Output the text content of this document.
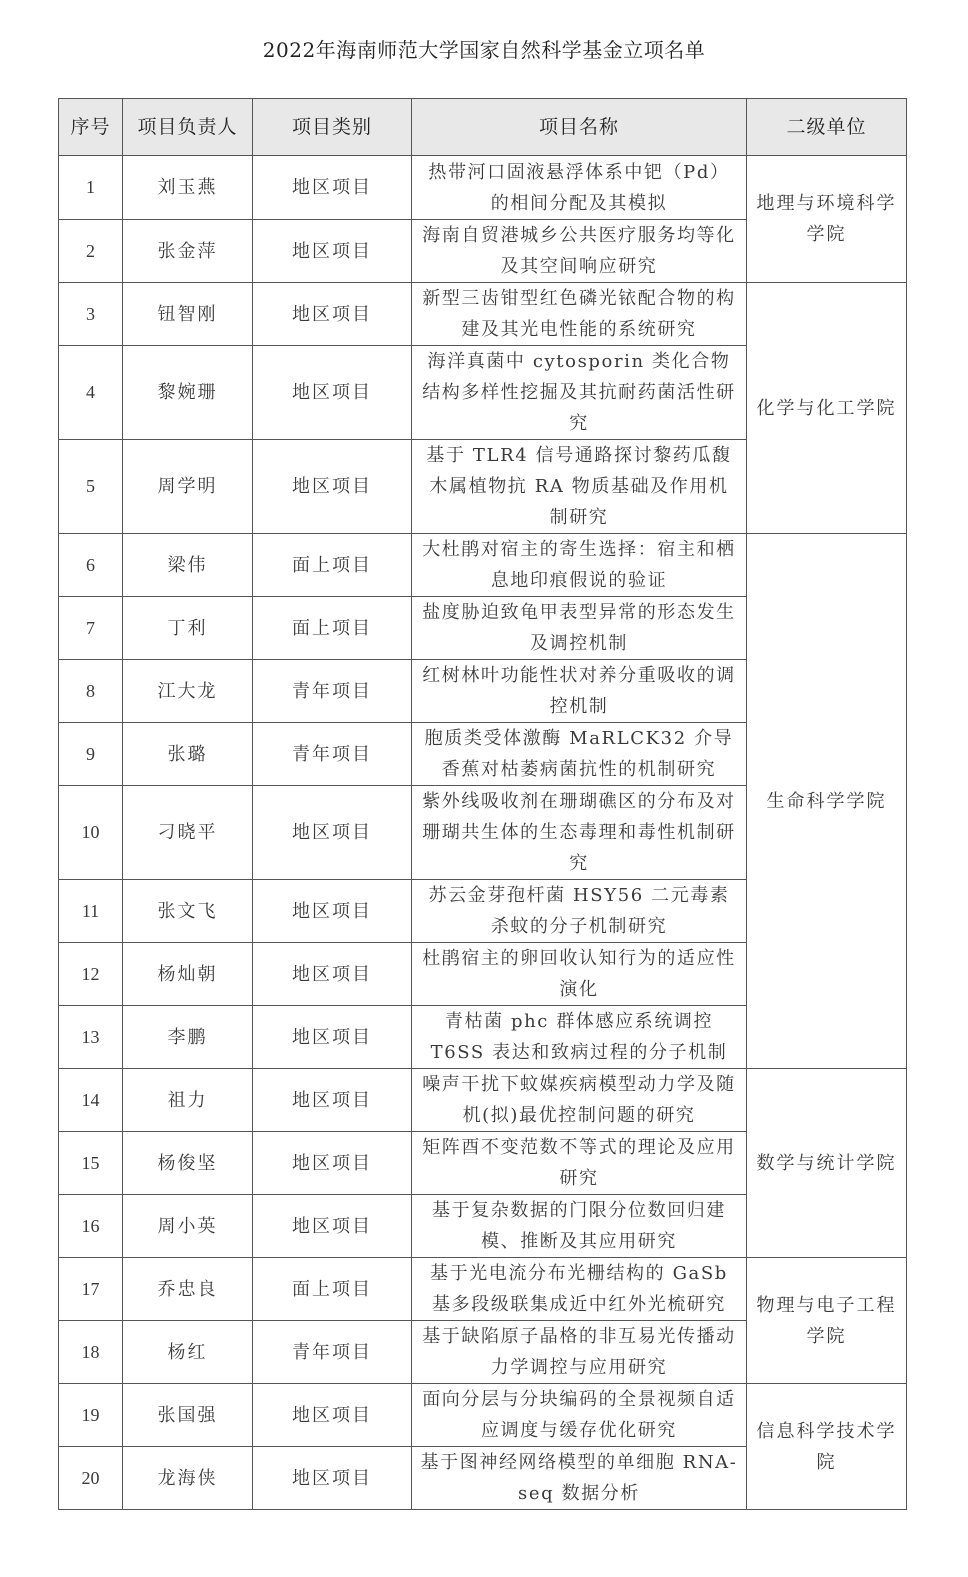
2022年海南师范大学国家自然科学基金立项名单
序号	项目负责人	项目类别	项目名称	二级单位
1	刘玉燕	地区项目	热带河口固液悬浮体系中钯（Pd）的相间分配及其模拟	地理与环境科学学院
2	张金萍	地区项目	海南自贸港城乡公共医疗服务均等化及其空间响应研究	
3	钮智刚	地区项目	新型三齿钳型红色磷光铱配合物的构建及其光电性能的系统研究	化学与化工学院
4	黎婉珊	地区项目	海洋真菌中 cytosporin 类化合物结构多样性挖掘及其抗耐药菌活性研究	
5	周学明	地区项目	基于 TLR4 信号通路探讨黎药瓜馥木属植物抗 RA 物质基础及作用机制研究	
6	梁伟	面上项目	大杜鹃对宿主的寄生选择：宿主和栖息地印痕假说的验证	生命科学学院
7	丁利	面上项目	盐度胁迫致龟甲表型异常的形态发生及调控机制	
8	江大龙	青年项目	红树林叶功能性状对养分重吸收的调控机制	
9	张璐	青年项目	胞质类受体激酶 MaRLCK32 介导香蕉对枯萎病菌抗性的机制研究	
10	刁晓平	地区项目	紫外线吸收剂在珊瑚礁区的分布及对珊瑚共生体的生态毒理和毒性机制研究	
11	张文飞	地区项目	苏云金芽孢杆菌 HSY56 二元毒素杀蚊的分子机制研究	
12	杨灿朝	地区项目	杜鹃宿主的卵回收认知行为的适应性演化	
13	李鹏	地区项目	青枯菌 phc 群体感应系统调控 T6SS 表达和致病过程的分子机制	
14	祖力	地区项目	噪声干扰下蚊媒疾病模型动力学及随机(拟)最优控制问题的研究	数学与统计学院
15	杨俊坚	地区项目	矩阵酉不变范数不等式的理论及应用研究	
16	周小英	地区项目	基于复杂数据的门限分位数回归建模、推断及其应用研究	
17	乔忠良	面上项目	基于光电流分布光栅结构的 GaSb 基多段级联集成近中红外光梳研究	物理与电子工程学院
18	杨红	青年项目	基于缺陷原子晶格的非互易光传播动力学调控与应用研究	
19	张国强	地区项目	面向分层与分块编码的全景视频自适应调度与缓存优化研究	信息科学技术学院
20	龙海侠	地区项目	基于图神经网络模型的单细胞 RNA-seq 数据分析	
